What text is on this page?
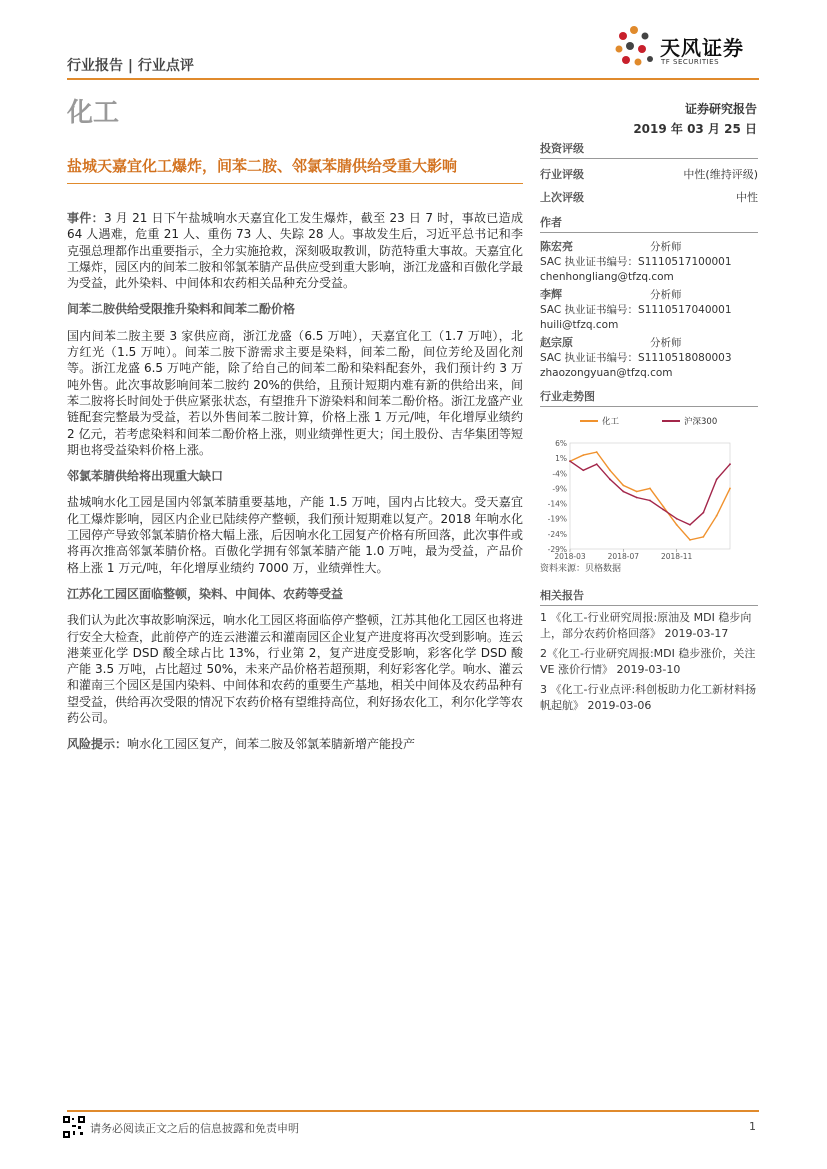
行业报告 | 行业点评
天风证券
TF SECURITIES
化工	证券研究报告
2019 年 03 月 25 日
盐城天嘉宜化工爆炸，间苯二胺、邻氯苯腈供给受重大影响

事件：3 月 21 日下午盐城响水天嘉宜化工发生爆炸，截至 23 日 7 时，事故已造成 64 人遇难，危重 21 人、重伤 73 人、失踪 28 人。事故发生后，习近平总书记和李克强总理都作出重要指示，全力实施抢救，深刻吸取教训，防范特重大事故。天嘉宜化工爆炸，园区内的间苯二胺和邻氯苯腈产品供应受到重大影响，浙江龙盛和百傲化学最为受益，此外染料、中间体和农药相关品种充分受益。

间苯二胺供给受限推升染料和间苯二酚价格

国内间苯二胺主要 3 家供应商，浙江龙盛（6.5 万吨），天嘉宜化工（1.7 万吨），北方红光（1.5 万吨）。间苯二胺下游需求主要是染料，间苯二酚，间位芳纶及固化剂等。浙江龙盛 6.5 万吨产能，除了给自己的间苯二酚和染料配套外，我们预计约 3 万吨外售。此次事故影响间苯二胺约 20%的供给，且预计短期内难有新的供给出来，间苯二胺将长时间处于供应紧张状态，有望推升下游染料和间苯二酚价格。浙江龙盛产业链配套完整最为受益，若以外售间苯二胺计算，价格上涨 1 万元/吨，年化增厚业绩约 2 亿元，若考虑染料和间苯二酚价格上涨，则业绩弹性更大；闰土股份、吉华集团等短期也将受益染料价格上涨。

邻氯苯腈供给将出现重大缺口

盐城响水化工园是国内邻氯苯腈重要基地，产能 1.5 万吨，国内占比较大。受天嘉宜化工爆炸影响，园区内企业已陆续停产整顿，我们预计短期难以复产。2018 年响水化工园停产导致邻氯苯腈价格大幅上涨，后因响水化工园复产价格有所回落，此次事件或将再次推高邻氯苯腈价格。百傲化学拥有邻氯苯腈产能 1.0 万吨，最为受益，产品价格上涨 1 万元/吨，年化增厚业绩约 7000 万，业绩弹性大。

江苏化工园区面临整顿，染料、中间体、农药等受益

我们认为此次事故影响深远，响水化工园区将面临停产整顿，江苏其他化工园区也将进行安全大检查，此前停产的连云港灌云和灌南园区企业复产进度将再次受到影响。连云港莱亚化学 DSD 酸全球占比 13%，行业第 2，复产进度受影响，彩客化学 DSD 酸产能 3.5 万吨，占比超过 50%，未来产品价格若超预期，利好彩客化学。响水、灌云和灌南三个园区是国内染料、中间体和农药的重要生产基地，相关中间体及农药品种有望受益，供给再次受限的情况下农药价格有望维持高位，利好扬农化工，利尔化学等农药公司。

风险提示：响水化工园区复产，间苯二胺及邻氯苯腈新增产能投产

投资评级
行业评级	中性(维持评级)
上次评级	中性
作者
陈宏亮	分析师
SAC 执业证书编号：S1110517100001
chenhongliang@tfzq.com
李辉	分析师
SAC 执业证书编号：S1110517040001
huili@tfzq.com
赵宗原	分析师
SAC 执业证书编号：S1110518080003
zhaozongyuan@tfzq.com
行业走势图
化工	沪深300
6%
1%
-4%
-9%
-14%
-19%
-24%
-29%
2018-03	2018-07	2018-11
资料来源：贝格数据
相关报告

1 《化工-行业研究周报:原油及 MDI 稳步向上，部分农药价格回落》 2019-03-17

2《化工-行业研究周报:MDI 稳步涨价，关注 VE 涨价行情》 2019-03-10

3 《化工-行业点评:科创板助力化工新材料扬帆起航》 2019-03-06

请务必阅读正文之后的信息披露和免责申明	1
